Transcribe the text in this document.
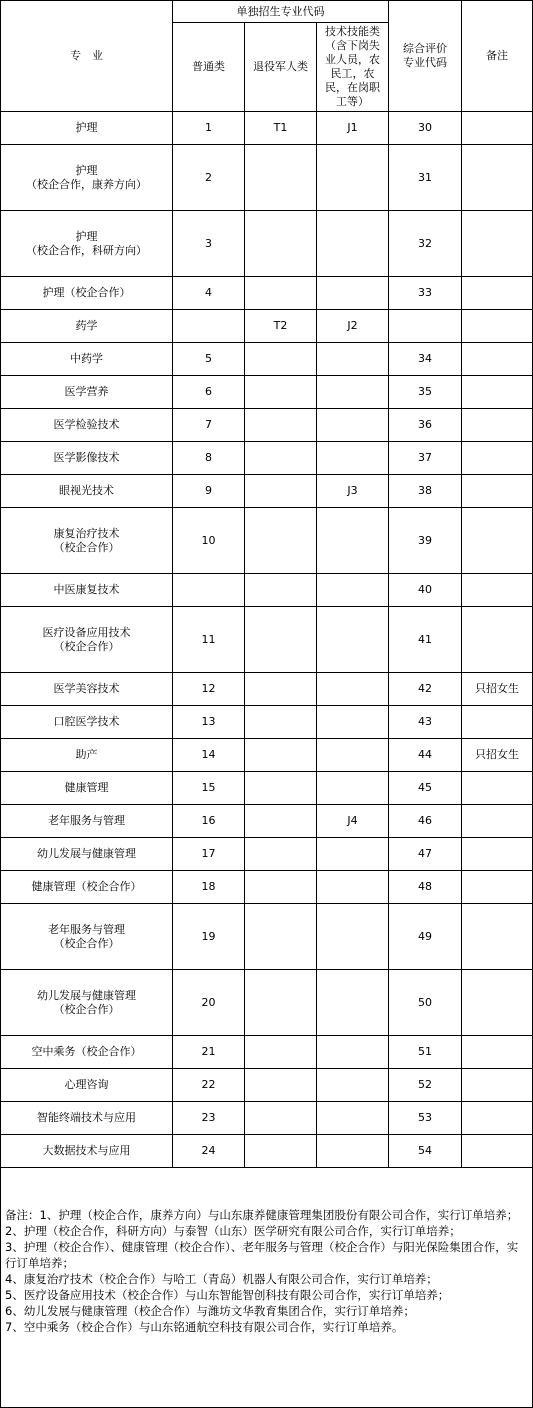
专　业	单独招生专业代码			综合评价专业代码	备注
	普通类	退役军人类	技术技能类（含下岗失业人员，农民工，农民，在岗职工等）		

护理	1	T1	J1	30	

护理
（校企合作，康养方向）	2			31	

护理
（校企合作，科研方向）	3			32	

护理（校企合作）	4			33	

药学		T2	J2		

中药学	5			34	

医学营养	6			35	

医学检验技术	7			36	

医学影像技术	8			37	

眼视光技术	9		J3	38	

康复治疗技术
（校企合作）	10			39	

中医康复技术				40	

医疗设备应用技术
（校企合作）	11			41	

医学美容技术	12			42	只招女生

口腔医学技术	13			43	

助产	14			44	只招女生

健康管理	15			45	

老年服务与管理	16		J4	46	

幼儿发展与健康管理	17			47	

健康管理（校企合作）	18			48	

老年服务与管理
（校企合作）	19			49	

幼儿发展与健康管理
（校企合作）	20			50	

空中乘务（校企合作）	21			51	

心理咨询	22			52	

智能终端技术与应用	23			53	

大数据技术与应用	24			54	
备注：1、护理（校企合作，康养方向）与山东康养健康管理集团股份有限公司合作，实行订单培养；
2、护理（校企合作，科研方向）与泰智（山东）医学研究有限公司合作，实行订单培养；
3、护理（校企合作）、健康管理（校企合作）、老年服务与管理（校企合作）与阳光保险集团合作，实行订单培养；
4、康复治疗技术（校企合作）与哈工（青岛）机器人有限公司合作，实行订单培养；
5、医疗设备应用技术（校企合作）与山东智能智创科技有限公司合作，实行订单培养；
6、幼儿发展与健康管理（校企合作）与潍坊文华教育集团合作，实行订单培养；
7、空中乘务（校企合作）与山东铭通航空科技有限公司合作，实行订单培养。
